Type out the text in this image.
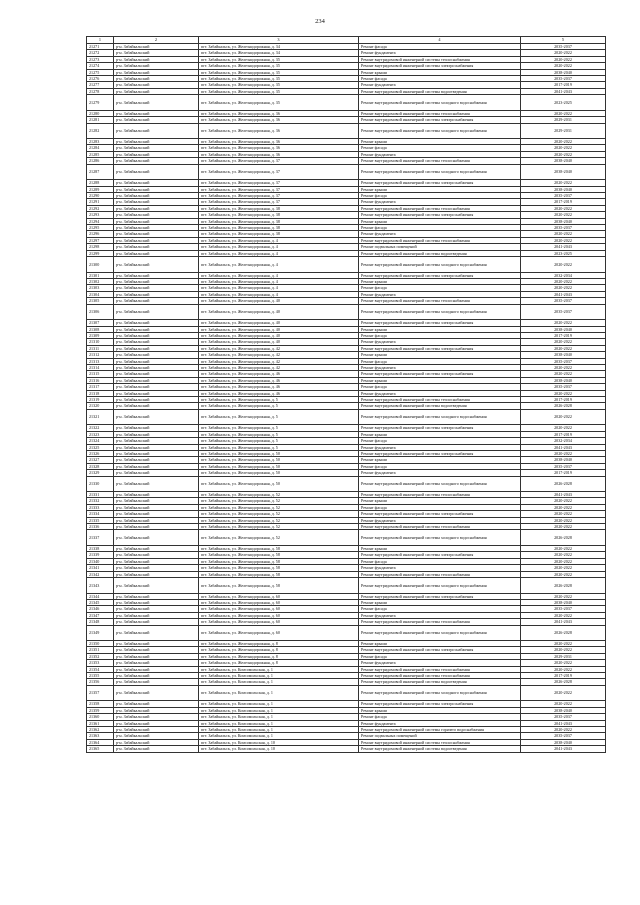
234
1	2	3	4	5
21271	р-н. Забайкальский	пгт. Забайкальск, ул. Железнодорожная, д. 34	Ремонт фасада	2035-2037
21272	р-н. Забайкальский	пгт. Забайкальск, ул. Железнодорожная, д. 34	Ремонт фундамента	2020-2022
21273	р-н. Забайкальский	пгт. Забайкальск, ул. Железнодорожная, д. 35	Ремонт внутридомовой инженерной системы теплоснабжения	2020-2022
21274	р-н. Забайкальский	пгт. Забайкальск, ул. Железнодорожная, д. 35	Ремонт внутридомовой инженерной системы электроснабжения	2020-2022
21275	р-н. Забайкальский	пгт. Забайкальск, ул. Железнодорожная, д. 35	Ремонт крыши	2038-2040
21276	р-н. Забайкальский	пгт. Забайкальск, ул. Железнодорожная, д. 35	Ремонт фасада	2035-2037
21277	р-н. Забайкальский	пгт. Забайкальск, ул. Железнодорожная, д. 35	Ремонт фундамента	2017-2019
21278	р-н. Забайкальский	пгт. Забайкальск, ул. Железнодорожная, д. 35	Ремонт внутридомовой инженерной системы водоотведения	2041-2043
21279	р-н. Забайкальский	пгт. Забайкальск, ул. Железнодорожная, д. 35	Ремонт внутридомовой инженерной системы холодного водоснабжения	2023-2025
21280	р-н. Забайкальский	пгт. Забайкальск, ул. Железнодорожная, д. 36	Ремонт внутридомовой инженерной системы теплоснабжения	2020-2022
21281	р-н. Забайкальский	пгт. Забайкальск, ул. Железнодорожная, д. 36	Ремонт внутридомовой инженерной системы электроснабжения	2029-2031
21282	р-н. Забайкальский	пгт. Забайкальск, ул. Железнодорожная, д. 36	Ремонт внутридомовой инженерной системы холодного водоснабжения	2029-2031
21283	р-н. Забайкальский	пгт. Забайкальск, ул. Железнодорожная, д. 36	Ремонт крыши	2020-2022
21284	р-н. Забайкальский	пгт. Забайкальск, ул. Железнодорожная, д. 36	Ремонт фасада	2020-2022
21285	р-н. Забайкальский	пгт. Забайкальск, ул. Железнодорожная, д. 36	Ремонт фундамента	2020-2022
21286	р-н. Забайкальский	пгт. Забайкальск, ул. Железнодорожная, д. 37	Ремонт внутридомовой инженерной системы теплоснабжения	2038-2040
21287	р-н. Забайкальский	пгт. Забайкальск, ул. Железнодорожная, д. 37	Ремонт внутридомовой инженерной системы холодного водоснабжения	2038-2040
21288	р-н. Забайкальский	пгт. Забайкальск, ул. Железнодорожная, д. 37	Ремонт внутридомовой инженерной системы электроснабжения	2020-2022
21289	р-н. Забайкальский	пгт. Забайкальск, ул. Железнодорожная, д. 37	Ремонт крыши	2038-2040
21290	р-н. Забайкальский	пгт. Забайкальск, ул. Железнодорожная, д. 37	Ремонт фасада	2035-2037
21291	р-н. Забайкальский	пгт. Забайкальск, ул. Железнодорожная, д. 37	Ремонт фундамента	2017-2019
21292	р-н. Забайкальский	пгт. Забайкальск, ул. Железнодорожная, д. 38	Ремонт внутридомовой инженерной системы теплоснабжения	2020-2022
21293	р-н. Забайкальский	пгт. Забайкальск, ул. Железнодорожная, д. 38	Ремонт внутридомовой инженерной системы электроснабжения	2020-2022
21294	р-н. Забайкальский	пгт. Забайкальск, ул. Железнодорожная, д. 38	Ремонт крыши	2038-2040
21295	р-н. Забайкальский	пгт. Забайкальск, ул. Железнодорожная, д. 38	Ремонт фасада	2035-2037
21296	р-н. Забайкальский	пгт. Забайкальск, ул. Железнодорожная, д. 38	Ремонт фундамента	2020-2022
21297	р-н. Забайкальский	пгт. Забайкальск, ул. Железнодорожная, д. 4	Ремонт внутридомовой инженерной системы теплоснабжения	2020-2022
21298	р-н. Забайкальский	пгт. Забайкальск, ул. Железнодорожная, д. 4	Ремонт подвальных помещений	2041-2043
21299	р-н. Забайкальский	пгт. Забайкальск, ул. Железнодорожная, д. 4	Ремонт внутридомовой инженерной системы водоотведения	2023-2025
21300	р-н. Забайкальский	пгт. Забайкальск, ул. Железнодорожная, д. 4	Ремонт внутридомовой инженерной системы холодного водоснабжения	2020-2022
21301	р-н. Забайкальский	пгт. Забайкальск, ул. Железнодорожная, д. 4	Ремонт внутридомовой инженерной системы электроснабжения	2032-2034
21302	р-н. Забайкальский	пгт. Забайкальск, ул. Железнодорожная, д. 4	Ремонт крыши	2020-2022
21303	р-н. Забайкальский	пгт. Забайкальск, ул. Железнодорожная, д. 4	Ремонт фасада	2020-2022
21304	р-н. Забайкальский	пгт. Забайкальск, ул. Железнодорожная, д. 4	Ремонт фундамента	2041-2043
21305	р-н. Забайкальский	пгт. Забайкальск, ул. Железнодорожная, д. 40	Ремонт внутридомовой инженерной системы теплоснабжения	2035-2037
21306	р-н. Забайкальский	пгт. Забайкальск, ул. Железнодорожная, д. 40	Ремонт внутридомовой инженерной системы холодного водоснабжения	2035-2037
21307	р-н. Забайкальский	пгт. Забайкальск, ул. Железнодорожная, д. 40	Ремонт внутридомовой инженерной системы электроснабжения	2020-2022
21308	р-н. Забайкальский	пгт. Забайкальск, ул. Железнодорожная, д. 40	Ремонт крыши	2038-2040
21309	р-н. Забайкальский	пгт. Забайкальск, ул. Железнодорожная, д. 40	Ремонт фасада	2017-2019
21310	р-н. Забайкальский	пгт. Забайкальск, ул. Железнодорожная, д. 40	Ремонт фундамента	2020-2022
21311	р-н. Забайкальский	пгт. Забайкальск, ул. Железнодорожная, д. 42	Ремонт внутридомовой инженерной системы электроснабжения	2020-2022
21312	р-н. Забайкальский	пгт. Забайкальск, ул. Железнодорожная, д. 42	Ремонт крыши	2038-2040
21313	р-н. Забайкальский	пгт. Забайкальск, ул. Железнодорожная, д. 42	Ремонт фасада	2035-2037
21314	р-н. Забайкальский	пгт. Забайкальск, ул. Железнодорожная, д. 42	Ремонт фундамента	2020-2022
21315	р-н. Забайкальский	пгт. Забайкальск, ул. Железнодорожная, д. 46	Ремонт внутридомовой инженерной системы электроснабжения	2020-2022
21316	р-н. Забайкальский	пгт. Забайкальск, ул. Железнодорожная, д. 46	Ремонт крыши	2038-2040
21317	р-н. Забайкальский	пгт. Забайкальск, ул. Железнодорожная, д. 46	Ремонт фасада	2035-2037
21318	р-н. Забайкальский	пгт. Забайкальск, ул. Железнодорожная, д. 46	Ремонт фундамента	2020-2022
21319	р-н. Забайкальский	пгт. Забайкальск, ул. Железнодорожная, д. 5	Ремонт внутридомовой инженерной системы теплоснабжения	2017-2019
21320	р-н. Забайкальский	пгт. Забайкальск, ул. Железнодорожная, д. 5	Ремонт внутридомовой инженерной системы водоотведения	2026-2028
21321	р-н. Забайкальский	пгт. Забайкальск, ул. Железнодорожная, д. 5	Ремонт внутридомовой инженерной системы холодного водоснабжения	2020-2022
21322	р-н. Забайкальский	пгт. Забайкальск, ул. Железнодорожная, д. 5	Ремонт внутридомовой инженерной системы электроснабжения	2020-2022
21323	р-н. Забайкальский	пгт. Забайкальск, ул. Железнодорожная, д. 5	Ремонт крыши	2017-2019
21324	р-н. Забайкальский	пгт. Забайкальск, ул. Железнодорожная, д. 5	Ремонт фасада	2032-2034
21325	р-н. Забайкальский	пгт. Забайкальск, ул. Железнодорожная, д. 5	Ремонт фундамента	2041-2043
21326	р-н. Забайкальский	пгт. Забайкальск, ул. Железнодорожная, д. 50	Ремонт внутридомовой инженерной системы электроснабжения	2020-2022
21327	р-н. Забайкальский	пгт. Забайкальск, ул. Железнодорожная, д. 50	Ремонт крыши	2038-2040
21328	р-н. Забайкальский	пгт. Забайкальск, ул. Железнодорожная, д. 50	Ремонт фасада	2035-2037
21329	р-н. Забайкальский	пгт. Забайкальск, ул. Железнодорожная, д. 50	Ремонт фундамента	2017-2019
21330	р-н. Забайкальский	пгт. Забайкальск, ул. Железнодорожная, д. 50	Ремонт внутридомовой инженерной системы холодного водоснабжения	2026-2028
21331	р-н. Забайкальский	пгт. Забайкальск, ул. Железнодорожная, д. 52	Ремонт внутридомовой инженерной системы теплоснабжения	2041-2043
21332	р-н. Забайкальский	пгт. Забайкальск, ул. Железнодорожная, д. 52	Ремонт крыши	2020-2022
21333	р-н. Забайкальский	пгт. Забайкальск, ул. Железнодорожная, д. 52	Ремонт фасада	2020-2022
21334	р-н. Забайкальский	пгт. Забайкальск, ул. Железнодорожная, д. 52	Ремонт внутридомовой инженерной системы электроснабжения	2020-2022
21335	р-н. Забайкальский	пгт. Забайкальск, ул. Железнодорожная, д. 52	Ремонт фундамента	2020-2022
21336	р-н. Забайкальский	пгт. Забайкальск, ул. Железнодорожная, д. 52	Ремонт внутридомовой инженерной системы теплоснабжения	2020-2022
21337	р-н. Забайкальский	пгт. Забайкальск, ул. Железнодорожная, д. 52	Ремонт внутридомовой инженерной системы холодного водоснабжения	2026-2028
21338	р-н. Забайкальский	пгт. Забайкальск, ул. Железнодорожная, д. 58	Ремонт крыши	2020-2022
21339	р-н. Забайкальский	пгт. Забайкальск, ул. Железнодорожная, д. 58	Ремонт внутридомовой инженерной системы электроснабжения	2020-2022
21340	р-н. Забайкальский	пгт. Забайкальск, ул. Железнодорожная, д. 58	Ремонт фасада	2020-2022
21341	р-н. Забайкальский	пгт. Забайкальск, ул. Железнодорожная, д. 58	Ремонт фундамента	2020-2022
21342	р-н. Забайкальский	пгт. Забайкальск, ул. Железнодорожная, д. 58	Ремонт внутридомовой инженерной системы теплоснабжения	2020-2022
21343	р-н. Забайкальский	пгт. Забайкальск, ул. Железнодорожная, д. 58	Ремонт внутридомовой инженерной системы холодного водоснабжения	2026-2028
21344	р-н. Забайкальский	пгт. Забайкальск, ул. Железнодорожная, д. 60	Ремонт внутридомовой инженерной системы электроснабжения	2020-2022
21345	р-н. Забайкальский	пгт. Забайкальск, ул. Железнодорожная, д. 60	Ремонт крыши	2038-2040
21346	р-н. Забайкальский	пгт. Забайкальск, ул. Железнодорожная, д. 60	Ремонт фасада	2035-2037
21347	р-н. Забайкальский	пгт. Забайкальск, ул. Железнодорожная, д. 60	Ремонт фундамента	2020-2022
21348	р-н. Забайкальский	пгт. Забайкальск, ул. Железнодорожная, д. 60	Ремонт внутридомовой инженерной системы теплоснабжения	2041-2043
21349	р-н. Забайкальский	пгт. Забайкальск, ул. Железнодорожная, д. 60	Ремонт внутридомовой инженерной системы холодного водоснабжения	2026-2028
21350	р-н. Забайкальский	пгт. Забайкальск, ул. Железнодорожная, д. 8	Ремонт крыши	2020-2022
21351	р-н. Забайкальский	пгт. Забайкальск, ул. Железнодорожная, д. 8	Ремонт внутридомовой инженерной системы электроснабжения	2020-2022
21352	р-н. Забайкальский	пгт. Забайкальск, ул. Железнодорожная, д. 8	Ремонт фасада	2029-2031
21353	р-н. Забайкальский	пгт. Забайкальск, ул. Железнодорожная, д. 8	Ремонт фундамента	2020-2022
21354	р-н. Забайкальский	пгт. Забайкальск, ул. Комсомольская, д. 1	Ремонт внутридомовой инженерной системы теплоснабжения	2020-2022
21355	р-н. Забайкальский	пгт. Забайкальск, ул. Комсомольская, д. 1	Ремонт внутридомовой инженерной системы теплоснабжения	2017-2019
21356	р-н. Забайкальский	пгт. Забайкальск, ул. Комсомольская, д. 1	Ремонт внутридомовой инженерной системы водоотведения	2026-2028
21357	р-н. Забайкальский	пгт. Забайкальск, ул. Комсомольская, д. 1	Ремонт внутридомовой инженерной системы холодного водоснабжения	2020-2022
21358	р-н. Забайкальский	пгт. Забайкальск, ул. Комсомольская, д. 1	Ремонт внутридомовой инженерной системы электроснабжения	2020-2022
21359	р-н. Забайкальский	пгт. Забайкальск, ул. Комсомольская, д. 1	Ремонт крыши	2038-2040
21360	р-н. Забайкальский	пгт. Забайкальск, ул. Комсомольская, д. 1	Ремонт фасада	2035-2037
21361	р-н. Забайкальский	пгт. Забайкальск, ул. Комсомольская, д. 1	Ремонт фундамента	2041-2043
21362	р-н. Забайкальский	пгт. Забайкальск, ул. Комсомольская, д. 1	Ремонт внутридомовой инженерной системы горячего водоснабжения	2020-2022
21363	р-н. Забайкальский	пгт. Забайкальск, ул. Комсомольская, д. 1	Ремонт подвальных помещений	2035-2037
21364	р-н. Забайкальский	пгт. Забайкальск, ул. Комсомольская, д. 10	Ремонт внутридомовой инженерной системы теплоснабжения	2038-2040
21365	р-н. Забайкальский	пгт. Забайкальск, ул. Комсомольская, д. 10	Ремонт внутридомовой инженерной системы водоотведения	2041-2043
